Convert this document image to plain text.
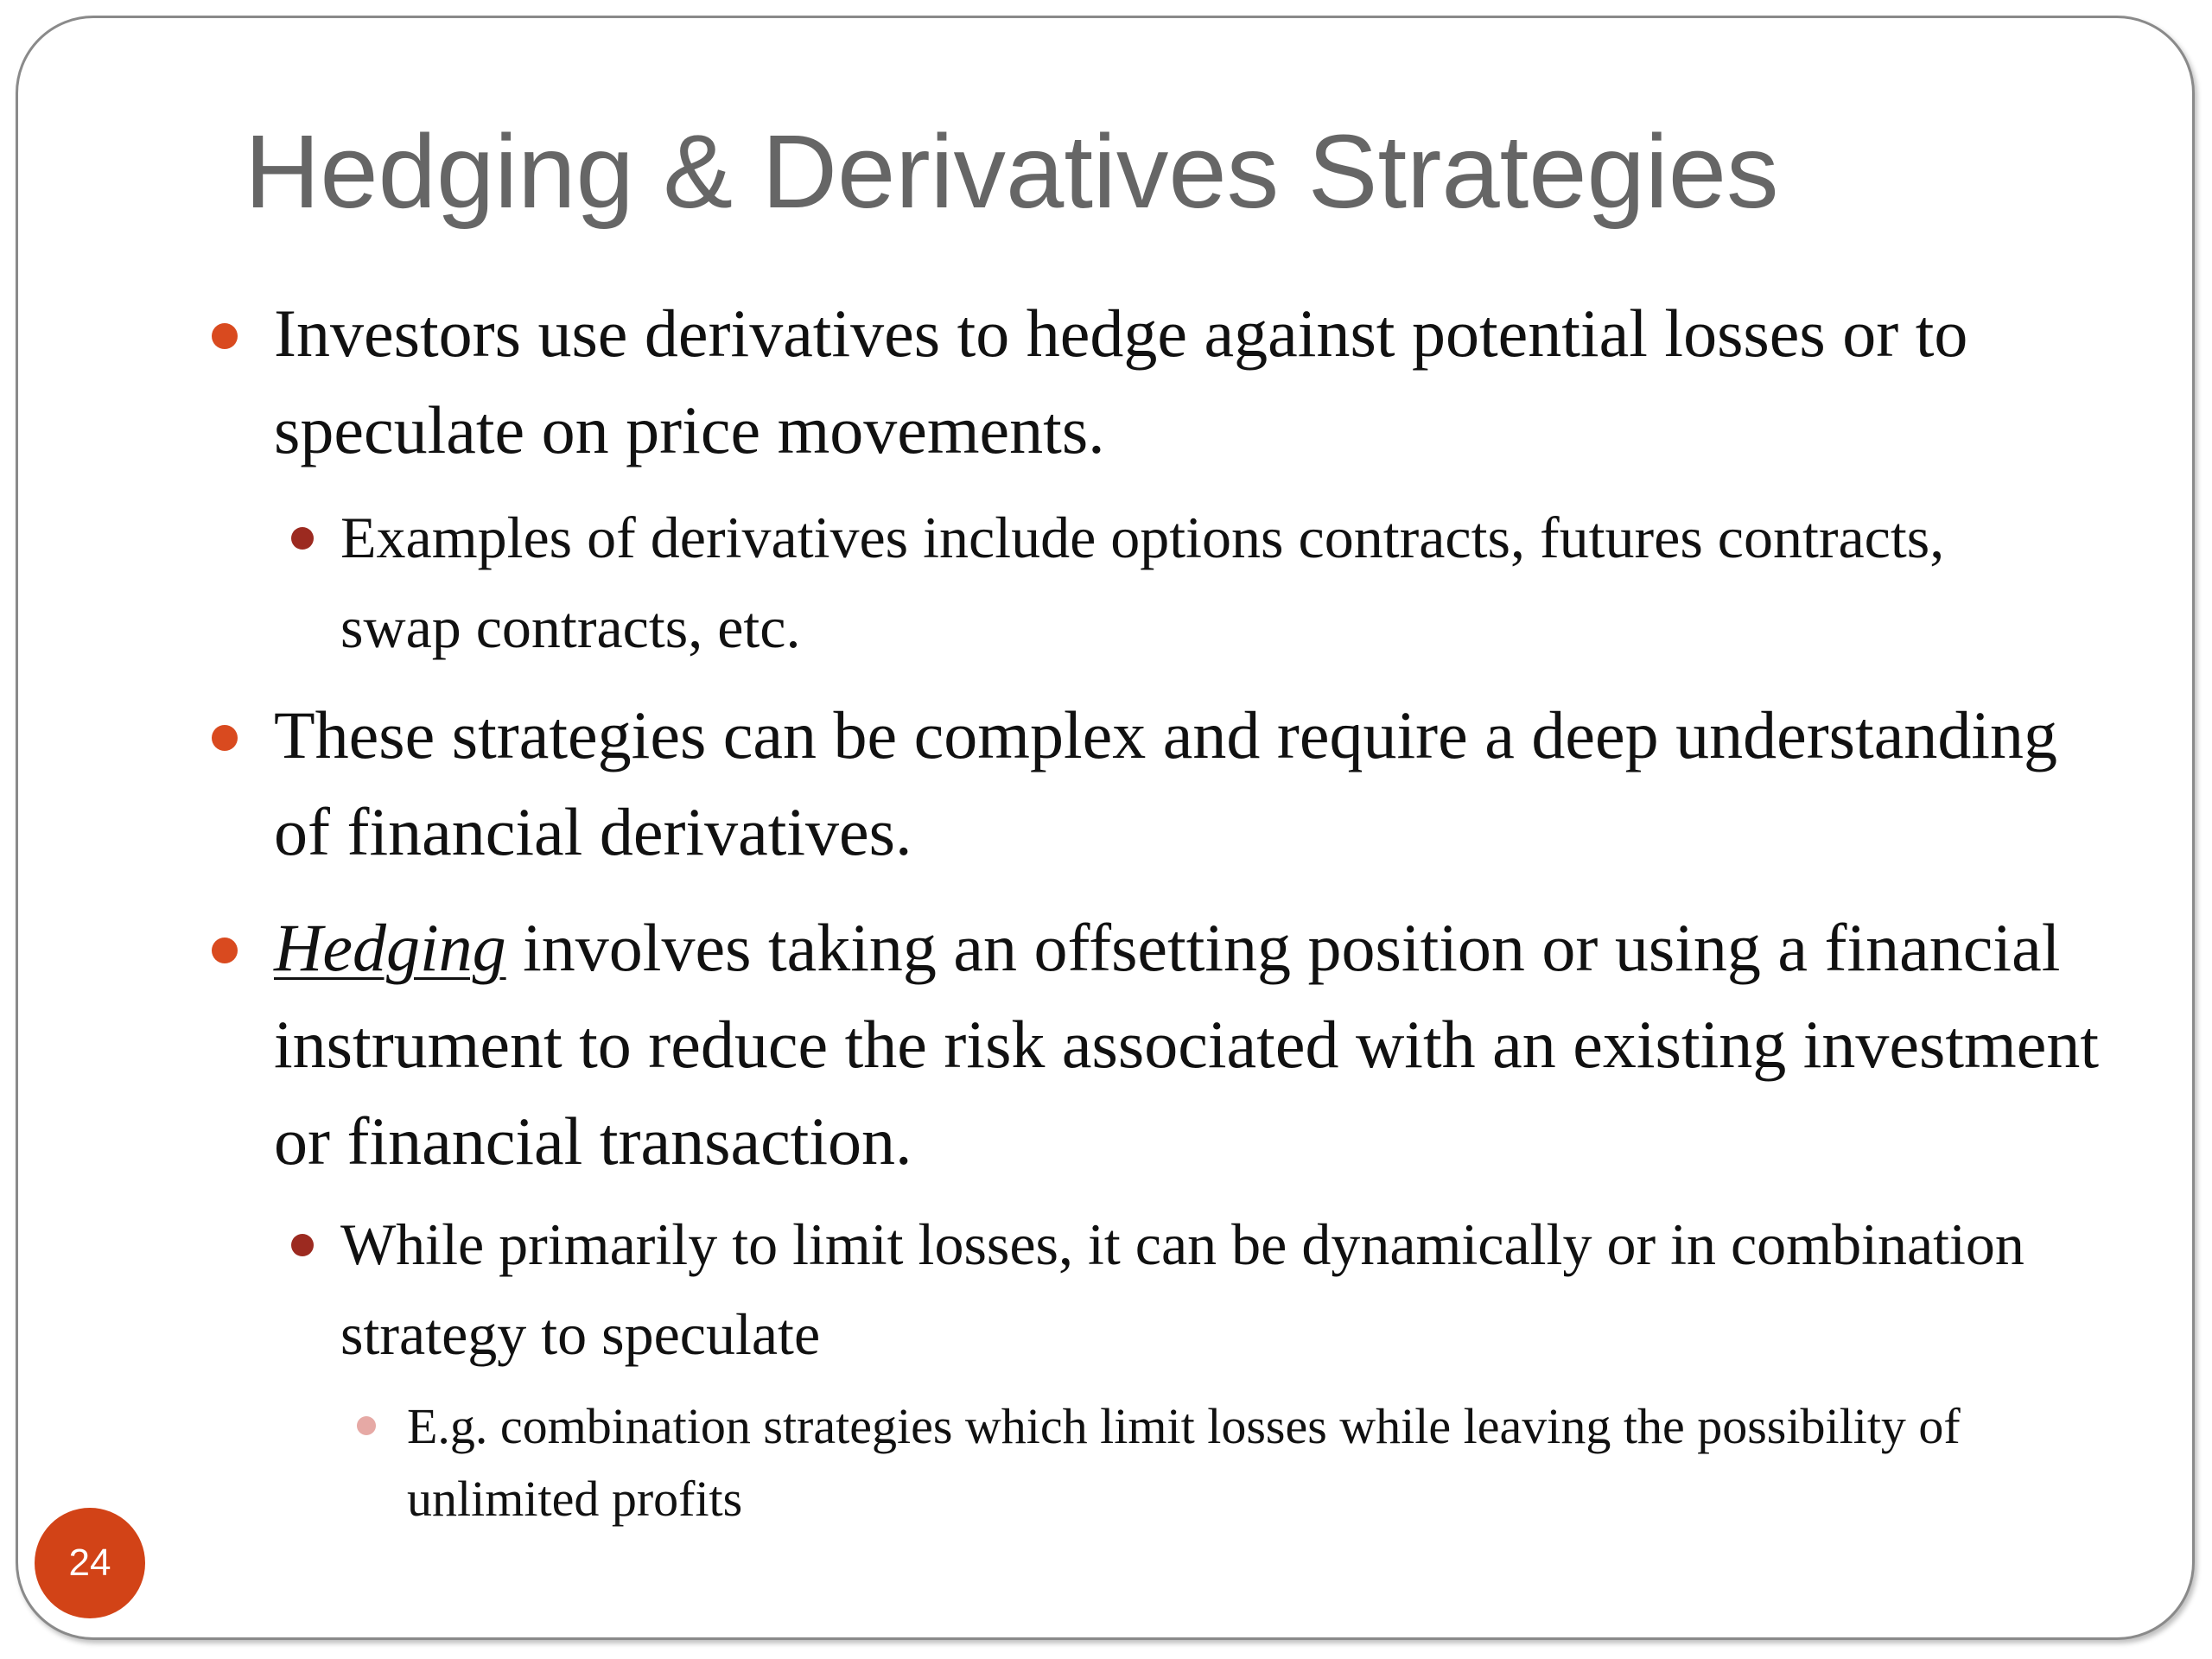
Hedging & Derivatives Strategies

Investors use derivatives to hedge against potential losses or to speculate on price movements.

Examples of derivatives include options contracts, futures contracts, swap contracts, etc.

These strategies can be complex and require a deep understanding of financial derivatives.

Hedging involves taking an offsetting position or using a financial instrument to reduce the risk associated with an existing investment or financial transaction.

While primarily to limit losses, it can be dynamically or in combination strategy to speculate

E.g. combination strategies which limit losses while leaving the possibility of unlimited profits

24
